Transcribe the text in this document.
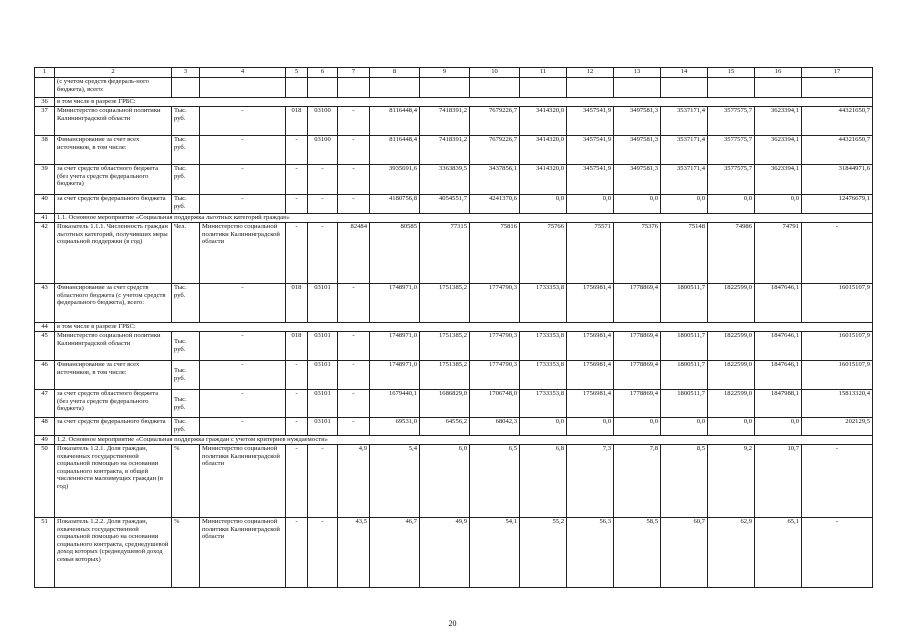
1	2	3	4	5	6	7	8	9	10	11	12	13	14	15	16	17
	(с учетом средств федераль-ного бюджета), всего:															
36	в том числе в разрезе ГРБС:															
37	Министерство социальной политики Калининградской области	Тыс. руб.	-	018	03100	-	8116448,4	7418391,2	7679226,7	3414320,0	3457541,9	3497581,3	3537171,4	3577575,7	3623394,1	44321650,7
38	Финансирование за счет всех источников, в том числе:	Тыс. руб.	-	-	03100	-	8116448,4	7418391,2	7679226,7	3414320,0	3457541,9	3497581,3	3537171,4	3577575,7	3623394,1	44321650,7
39	за счет средств областного бюджета (без учета средств федерального бюджета)	Тыс. руб.	-	-	-	-	3935691,6	3363839,5	3437856,1	3414320,0	3457541,9	3497581,3	3537171,4	3577575,7	3623394,1	31844971,6
40	за счет средств федерального бюджета	Тыс. руб.	-	-	-	-	4180756,8	4054551,7	4241370,6	0,0	0,0	0,0	0,0	0,0	0,0	12476679,1
41	1.1. Основное мероприятие «Социальная поддержка льготных категорий граждан»															
42	Показатель 1.1.1. Численность граждан льготных категорий, получивших меры социальной поддержки (в год)	Чел.	Министерство социальной политики Калининградской области	-	-	82484	80585	77315	75816	75766	75571	75376	75148	74986	74791	-
43	Финансирование за счет средств областного бюджета (с учетом средств федерального бюджета), всего:	Тыс. руб.	-	018	03101	-	1748971,0	1751385,2	1774790,3	1733353,8	1756981,4	1778869,4	1800511,7	1822599,0	1847646,1	16015107,9
44	в том числе в разрезе ГРБС:															
45	Министерство социальной политики Калининградской области	Тыс. руб.	-	018	03101	-	1748971,0	1751385,2	1774790,3	1733353,8	1756981,4	1778869,4	1800511,7	1822599,0	1847646,1	16015107,9
46	Финансирование за счет всех источников, в том числе:	Тыс. руб.	-	-	03101	-	1748971,0	1751385,2	1774790,3	1733353,8	1756981,4	1778869,4	1800511,7	1822599,0	1847646,1	16015107,9
47	за счет средств областного бюджета (без учета средств федерального бюджета)	Тыс. руб.	-	-	03101	-	1679440,1	1686829,0	1706748,0	1733353,8	1756981,4	1778869,4	1800511,7	1822599,0	1847988,1	15813320,4
48	за счет средств федерального бюджета	Тыс. руб.	-	-	03101	-	69531,0	64556,2	68042,3	0,0	0,0	0,0	0,0	0,0	0,0	202129,5
49	1.2. Основное мероприятие «Социальная поддержка граждан с учетом критериев нуждаемости»															
50	Показатель 1.2.1. Доля граждан, охваченных государственной социальной помощью на основании социального контракта, в общей численности малоимущих граждан (в год)	%	Министерство социальной политики Калининградской области	-	-	4,9	5,4	6,0	6,5	6,8	7,3	7,8	8,5	9,2	10,7	-
51	Показатель 1.2.2. Доля граждан, охваченных государственной социальной помощью на основании социального контракта, среднедушевой доход которых (среднедушевой доход семьи которых)	%	Министерство социальной политики Калининградской области	-	-	43,5	46,7	49,9	54,1	55,2	56,3	58,5	60,7	62,9	65,1	-
20
